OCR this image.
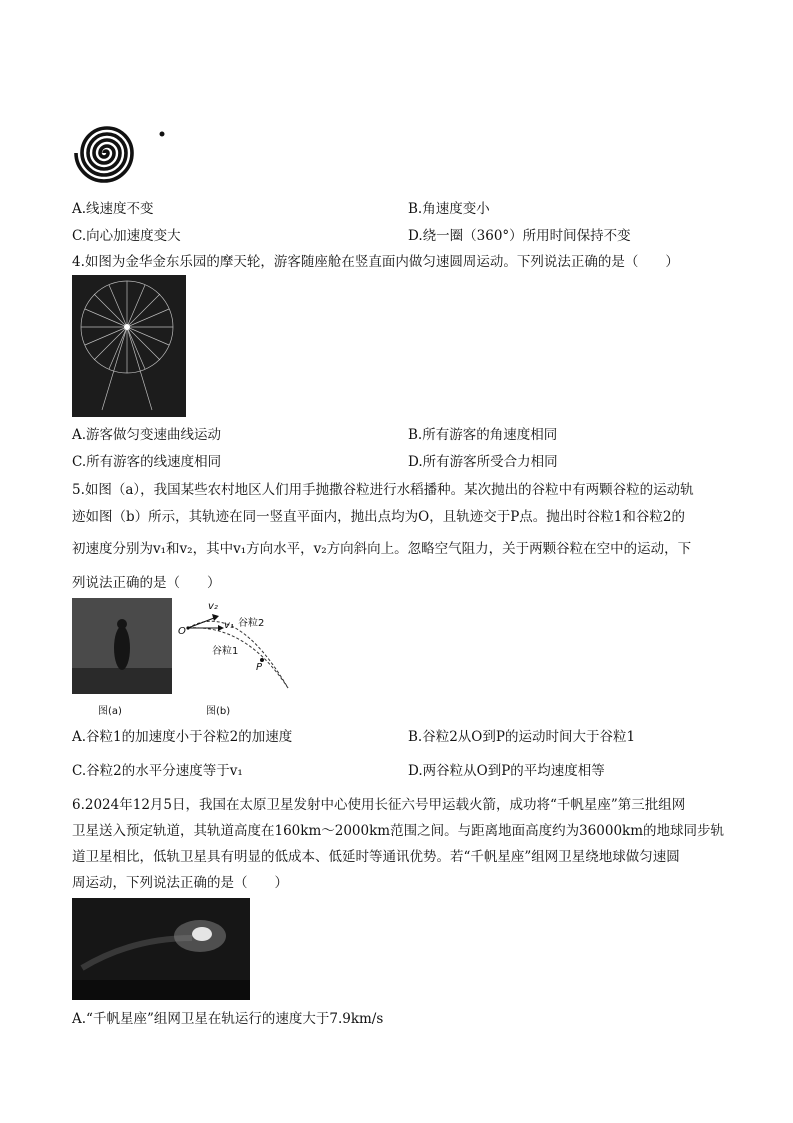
A.线速度不变	B.角速度变小
C.向心加速度变大	D.绕一圈（360°）所用时间保持不变
4.如图为金华金东乐园的摩天轮，游客随座舱在竖直面内做匀速圆周运动。下列说法正确的是（　　）
A.游客做匀变速曲线运动	B.所有游客的角速度相同
C.所有游客的线速度相同	D.所有游客所受合力相同
5.如图（a），我国某些农村地区人们用手抛撒谷粒进行水稻播种。某次抛出的谷粒中有两颗谷粒的运动轨
迹如图（b）所示，其轨迹在同一竖直平面内，抛出点均为O，且轨迹交于P点。抛出时谷粒1和谷粒2的
初速度分别为v₁和v₂，其中v₁方向水平，v₂方向斜向上。忽略空气阻力，关于两颗谷粒在空中的运动，下
列说法正确的是（　　）
图(a)
O
v₂
v₁ 谷粒2
谷粒1
P
图(b)
A.谷粒1的加速度小于谷粒2的加速度	B.谷粒2从O到P的运动时间大于谷粒1
C.谷粒2的水平分速度等于v₁	D.两谷粒从O到P的平均速度相等
6.2024年12月5日，我国在太原卫星发射中心使用长征六号甲运载火箭，成功将“千帆星座”第三批组网
卫星送入预定轨道，其轨道高度在160km～2000km范围之间。与距离地面高度约为36000km的地球同步轨
道卫星相比，低轨卫星具有明显的低成本、低延时等通讯优势。若“千帆星座”组网卫星绕地球做匀速圆
周运动，下列说法正确的是（　　）
A.“千帆星座”组网卫星在轨运行的速度大于7.9km/s
